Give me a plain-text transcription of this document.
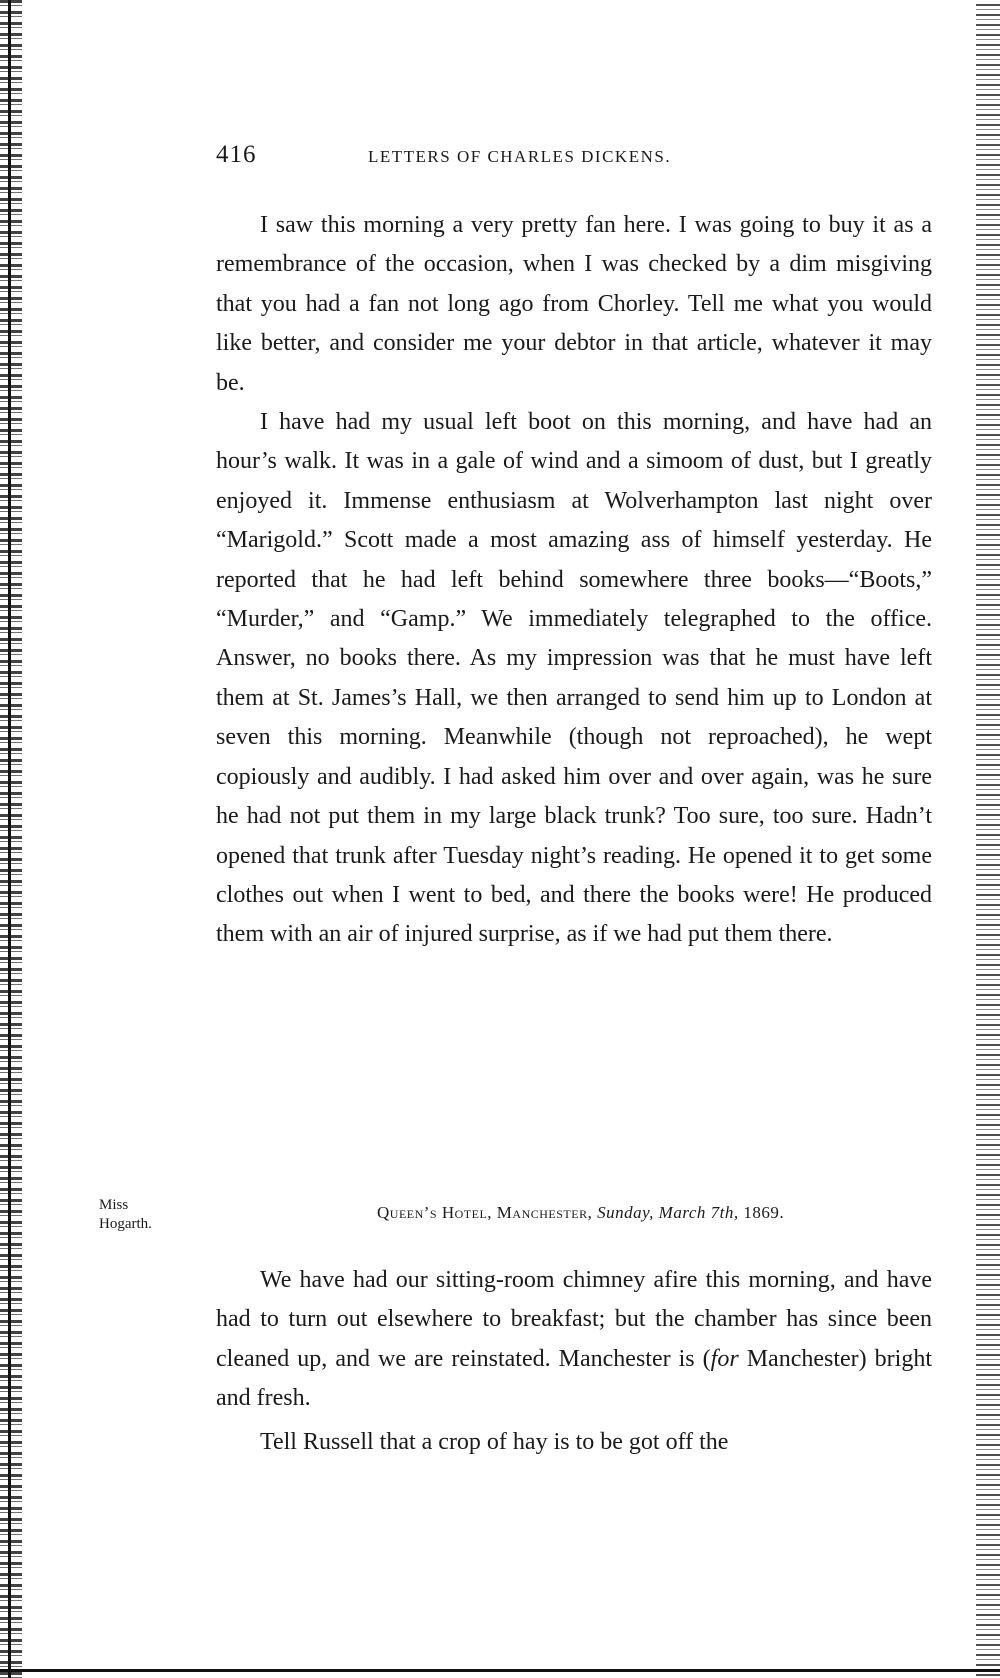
416	LETTERS OF CHARLES DICKENS.

I saw this morning a very pretty fan here. I was going to buy it as a remembrance of the occasion, when I was checked by a dim misgiving that you had a fan not long ago from Chorley. Tell me what you would like better, and consider me your debtor in that article, whatever it may be.

I have had my usual left boot on this morning, and have had an hour’s walk. It was in a gale of wind and a simoom of dust, but I greatly enjoyed it. Immense enthusiasm at Wolverhampton last night over “Marigold.” Scott made a most amazing ass of himself yesterday. He reported that he had left behind somewhere three books—“Boots,” “Murder,” and “Gamp.” We immediately telegraphed to the office. Answer, no books there. As my impression was that he must have left them at St. James’s Hall, we then arranged to send him up to London at seven this morning. Meanwhile (though not reproached), he wept copiously and audibly. I had asked him over and over again, was he sure he had not put them in my large black trunk? Too sure, too sure. Hadn’t opened that trunk after Tuesday night’s reading. He opened it to get some clothes out when I went to bed, and there the books were! He produced them with an air of injured surprise, as if we had put them there.

Miss
Hogarth.
Queen’s Hotel, Manchester, Sunday, March 7th, 1869.

We have had our sitting-room chimney afire this morning, and have had to turn out elsewhere to breakfast; but the chamber has since been cleaned up, and we are reinstated. Manchester is (for Manchester) bright and fresh.

Tell Russell that a crop of hay is to be got off the
